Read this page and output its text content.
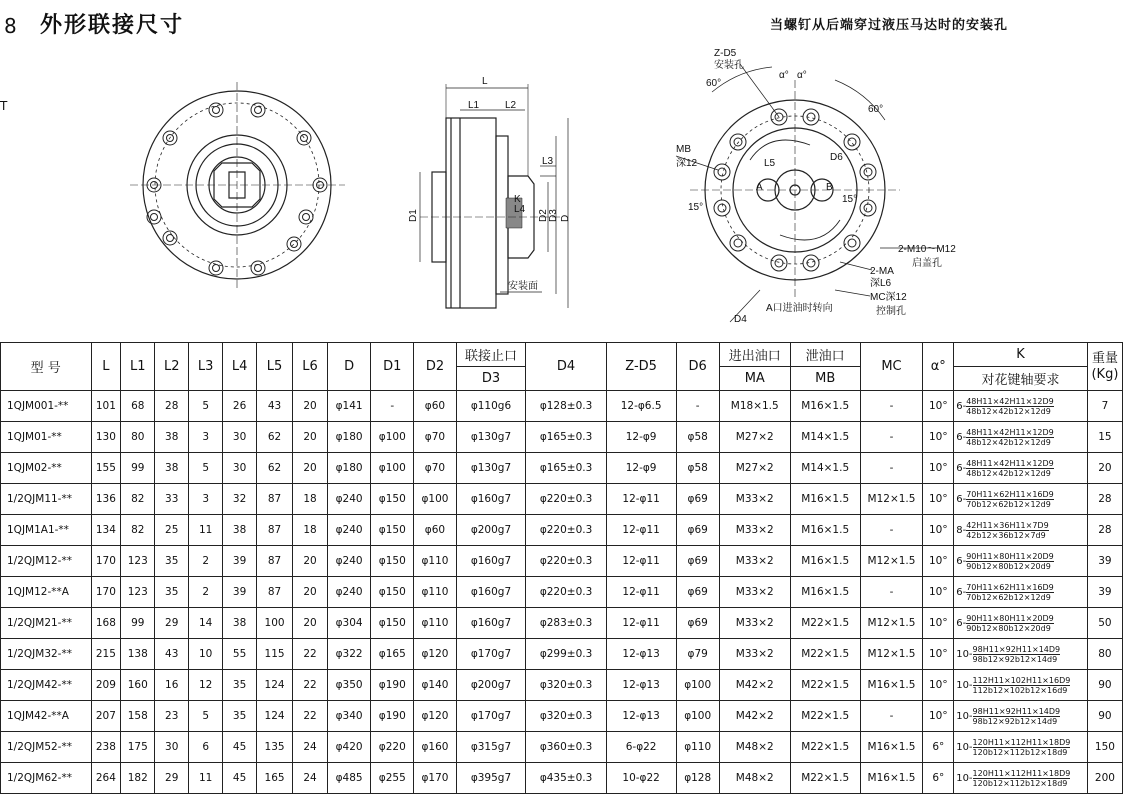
8 外形联接尺寸
T
当螺钉从后端穿过液压马达时的安装孔
L
L1	L2
L3
L4
K
D1	D2 D3 D
安装面
Z-D5
安装孔
α° α°
60°
60°
MB
深12	L5
D6
A	B
15°
15°
2-M10～M12
启盖孔
2-MA
深L6
MC深12
控制孔
D4
A口进油时转向
型 号	L	L1	L2	L3	L4	L5	L6	D	D1	D2	联接止口	D4	Z-D5	D6	进出油口	泄油口	MC	α°	K	重量
(Kg)
											D3				MA	MB			对花键轴要求	
1QJM001-**	101	68	28	5	26	43	20	φ141	-	φ60	φ110g6	φ128±0.3	12-φ6.5	-	M18×1.5	M16×1.5	-	10°	$6- \frac{48H11\times 42H11\times 12D9}{48b12\times 42b12\times 12d9}$	7
1QJM01-**	130	80	38	3	30	62	20	φ180	φ100	φ70	φ130g7	φ165±0.3	12-φ9	φ58	M27×2	M14×1.5	-	10°	$6- \frac{48H11\times 42H11\times 12D9}{48b12\times 42b12\times 12d9}$	15
1QJM02-**	155	99	38	5	30	62	20	φ180	φ100	φ70	φ130g7	φ165±0.3	12-φ9	φ58	M27×2	M14×1.5	-	10°	$6- \frac{48H11\times 42H11\times 12D9}{48b12\times 42b12\times 12d9}$	20
1/2QJM11-**	136	82	33	3	32	87	18	φ240	φ150	φ100	φ160g7	φ220±0.3	12-φ11	φ69	M33×2	M16×1.5	M12×1.5	10°	$6- \frac{70H11\times 62H11\times 16D9}{70b12\times 62b12\times 12d9}$	28
1QJM1A1-**	134	82	25	11	38	87	18	φ240	φ150	φ60	φ200g7	φ220±0.3	12-φ11	φ69	M33×2	M16×1.5	-	10°	$8- \frac{42H11\times 36H11\times 7D9}{42b12\times 36b12\times 7d9}$	28
1/2QJM12-**	170	123	35	2	39	87	20	φ240	φ150	φ110	φ160g7	φ220±0.3	12-φ11	φ69	M33×2	M16×1.5	M12×1.5	10°	$6- \frac{90H11\times 80H11\times 20D9}{90b12\times 80b12\times 20d9}$	39
1QJM12-**A	170	123	35	2	39	87	20	φ240	φ150	φ110	φ160g7	φ220±0.3	12-φ11	φ69	M33×2	M16×1.5	-	10°	$6- \frac{70H11\times 62H11\times 16D9}{70b12\times 62b12\times 12d9}$	39
1/2QJM21-**	168	99	29	14	38	100	20	φ304	φ150	φ110	φ160g7	φ283±0.3	12-φ11	φ69	M33×2	M22×1.5	M12×1.5	10°	$6- \frac{90H11\times 80H11\times 20D9}{90b12\times 80b12\times 20d9}$	50
1/2QJM32-**	215	138	43	10	55	115	22	φ322	φ165	φ120	φ170g7	φ299±0.3	12-φ13	φ79	M33×2	M22×1.5	M12×1.5	10°	$10- \frac{98H11\times 92H11\times 14D9}{98b12\times 92b12\times 14d9}$	80
1/2QJM42-**	209	160	16	12	35	124	22	φ350	φ190	φ140	φ200g7	φ320±0.3	12-φ13	φ100	M42×2	M22×1.5	M16×1.5	10°	$10- \frac{112H11\times 102H11\times 16D9}{112b12\times 102b12\times 16d9}$	90
1QJM42-**A	207	158	23	5	35	124	22	φ340	φ190	φ120	φ170g7	φ320±0.3	12-φ13	φ100	M42×2	M22×1.5	-	10°	$10- \frac{98H11\times 92H11\times 14D9}{98b12\times 92b12\times 14d9}$	90
1/2QJM52-**	238	175	30	6	45	135	24	φ420	φ220	φ160	φ315g7	φ360±0.3	6-φ22	φ110	M48×2	M22×1.5	M16×1.5	6°	$10- \frac{120H11\times 112H11\times 18D9}{120b12\times 112b12\times 18d9}$	150
1/2QJM62-**	264	182	29	11	45	165	24	φ485	φ255	φ170	φ395g7	φ435±0.3	10-φ22	φ128	M48×2	M22×1.5	M16×1.5	6°	$10- \frac{120H11\times 112H11\times 18D9}{120b12\times 112b12\times 18d9}$	200
